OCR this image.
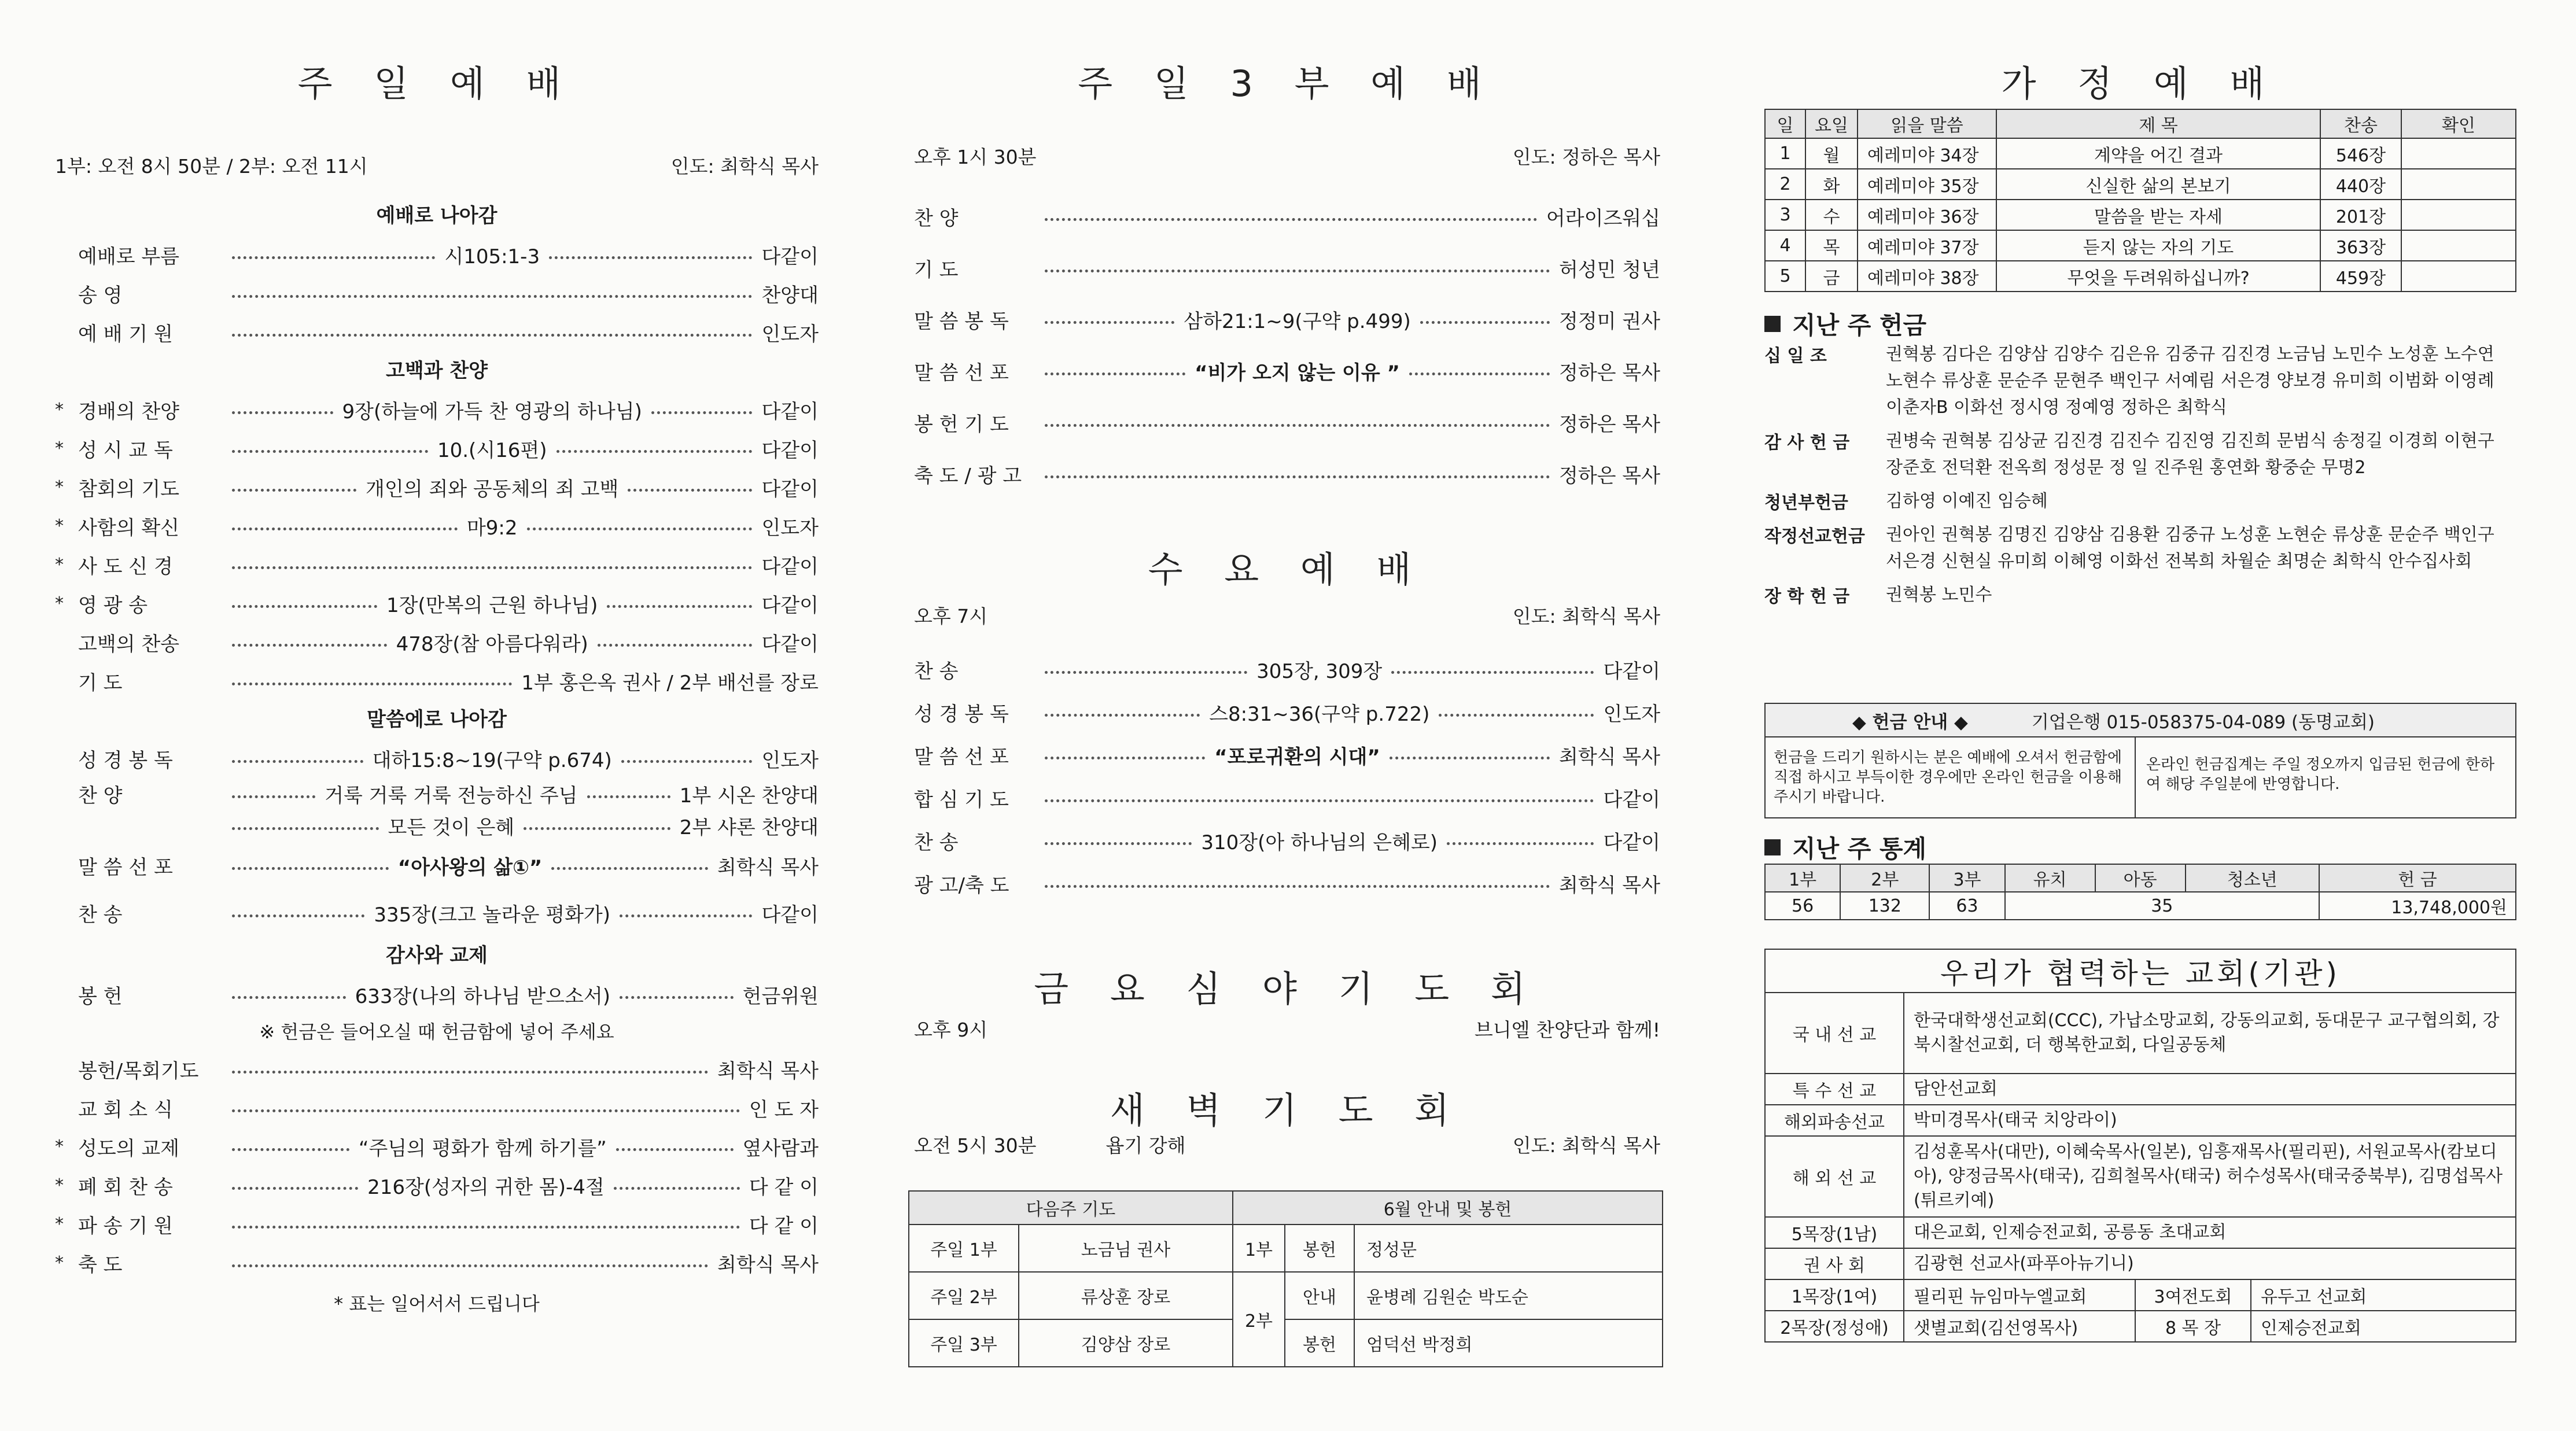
주 일 예 배
1부: 오전 8시 50분 / 2부: 오전 11시	인도: 최학식 목사
예배로 나아감
예배로 부름	시105:1-3	다같이
송 영	찬양대
예 배 기 원	인도자
고백과 찬양
* 경배의 찬양	9장(하늘에 가득 찬 영광의 하나님)	다같이
* 성 시 교 독	10.(시16편)	다같이
* 참회의 기도	개인의 죄와 공동체의 죄 고백	다같이
* 사함의 확신	마9:2	인도자
* 사 도 신 경	다같이
* 영 광 송	1장(만복의 근원 하나님)	다같이
고백의 찬송	478장(참 아름다워라)	다같이
기 도	1부 홍은옥 권사 / 2부 배선를 장로
말씀에로 나아감
성 경 봉 독	대하15:8~19(구약 p.674)	인도자
찬 양	거룩 거룩 거룩 전능하신 주님	1부 시온 찬양대
모든 것이 은혜	2부 샤론 찬양대
말 씀 선 포	“아사왕의 삶①”	최학식 목사
찬 송	335장(크고 놀라운 평화가)	다같이
감사와 교제
봉 헌	633장(나의 하나님 받으소서)	헌금위원
※ 헌금은 들어오실 때 헌금함에 넣어 주세요
봉헌/목회기도	최학식 목사
교 회 소 식	인 도 자
* 성도의 교제	“주님의 평화가 함께 하기를”	옆사람과
* 폐 회 찬 송	216장(성자의 귀한 몸)-4절	다 같 이
* 파 송 기 원	다 같 이
* 축 도	최학식 목사
* 표는 일어서서 드립니다
주 일 3 부 예 배
오후 1시 30분	인도: 정하은 목사
찬 양	어라이즈워십
기 도	허성민 청년
말 씀 봉 독	삼하21:1~9(구약 p.499)	정정미 권사
말 씀 선 포	“비가 오지 않는 이유 ”	정하은 목사
봉 헌 기 도	정하은 목사
축 도 / 광 고	정하은 목사
수 요 예 배
오후 7시	인도: 최학식 목사
찬 송	305장, 309장	다같이
성 경 봉 독	스8:31~36(구약 p.722)	인도자
말 씀 선 포	“포로귀환의 시대”	최학식 목사
합 심 기 도	다같이
찬 송	310장(아 하나님의 은혜로)	다같이
광 고/축 도	최학식 목사
금 요 심 야 기 도 회
오후 9시	브니엘 찬양단과 함께!
새 벽 기 도 회
오전 5시 30분	욥기 강해	인도: 최학식 목사
다음주 기도		6월 안내 및 봉헌		
주일 1부	노금님 권사	1부	봉헌	정성문
주일 2부	류상훈 장로	2부	안내	윤병례 김원순 박도순
주일 3부	김양삼 장로		봉헌	엄덕선 박정희
가 정 예 배
일	요일	읽을 말씀	제 목	찬송	확인
1	월	예레미야 34장	계약을 어긴 결과	546장	
2	화	예레미야 35장	신실한 삶의 본보기	440장	
3	수	예레미야 36장	말씀을 받는 자세	201장	
4	목	예레미야 37장	듣지 않는 자의 기도	363장	
5	금	예레미야 38장	무엇을 두려워하십니까?	459장	
지난 주 헌금
십 일 조	권혁봉 김다은 김양삼 김양수 김은유 김중규 김진경 노금님 노민수 노성훈 노수연 노현수 류상훈 문순주 문현주 백인구 서예림 서은경 양보경 유미희 이범화 이영례 이춘자B 이화선 정시영 정예영 정하은 최학식
감 사 헌 금	권병숙 권혁봉 김상균 김진경 김진수 김진영 김진희 문범식 송정길 이경희 이현구 장준호 전덕환 전옥희 정성문 정 일 진주원 홍연화 황중순 무명2
청년부헌금	김하영 이예진 임승혜
작정선교헌금	권아인 권혁봉 김명진 김양삼 김용환 김중규 노성훈 노현순 류상훈 문순주 백인구 서은경 신현실 유미희 이혜영 이화선 전복희 차월순 최명순 최학식 안수집사회
장 학 헌 금	권혁봉 노민수
◆ 헌금 안내 ◆	기업은행 015-058375-04-089 (동명교회)
헌금을 드리기 원하시는 분은 예배에 오셔서 헌금함에 직접 하시고 부득이한 경우에만 온라인 헌금을 이용해 주시기 바랍니다.
온라인 헌금집계는 주일 정오까지 입금된 헌금에 한하여 해당 주일분에 반영합니다.
지난 주 통계
1부	2부	3부	유치	아동	청소년	헌 금
56	132	63	35			13,748,000원
우리가 협력하는 교회(기관)
국 내 선 교	한국대학생선교회(CCC), 가납소망교회, 강동의교회, 동대문구 교구협의회, 강북시찰선교회, 더 행복한교회, 다일공동체		
특 수 선 교	담안선교회		
해외파송선교	박미경목사(태국 치앙라이)		
해 외 선 교	김성훈목사(대만), 이혜숙목사(일본), 임흥재목사(필리핀), 서원교목사(캄보디아), 양정금목사(태국), 김희철목사(태국) 허수성목사(태국중북부), 김명섭목사(튀르키예)		
5목장(1남)	대은교회, 인제승전교회, 공릉동 초대교회		
권 사 회	김광현 선교사(파푸아뉴기니)		
1목장(1여)	필리핀 뉴임마누엘교회	3여전도회	유두고 선교회
2목장(정성애)	샛별교회(김선영목사)	8 목 장	인제승전교회
